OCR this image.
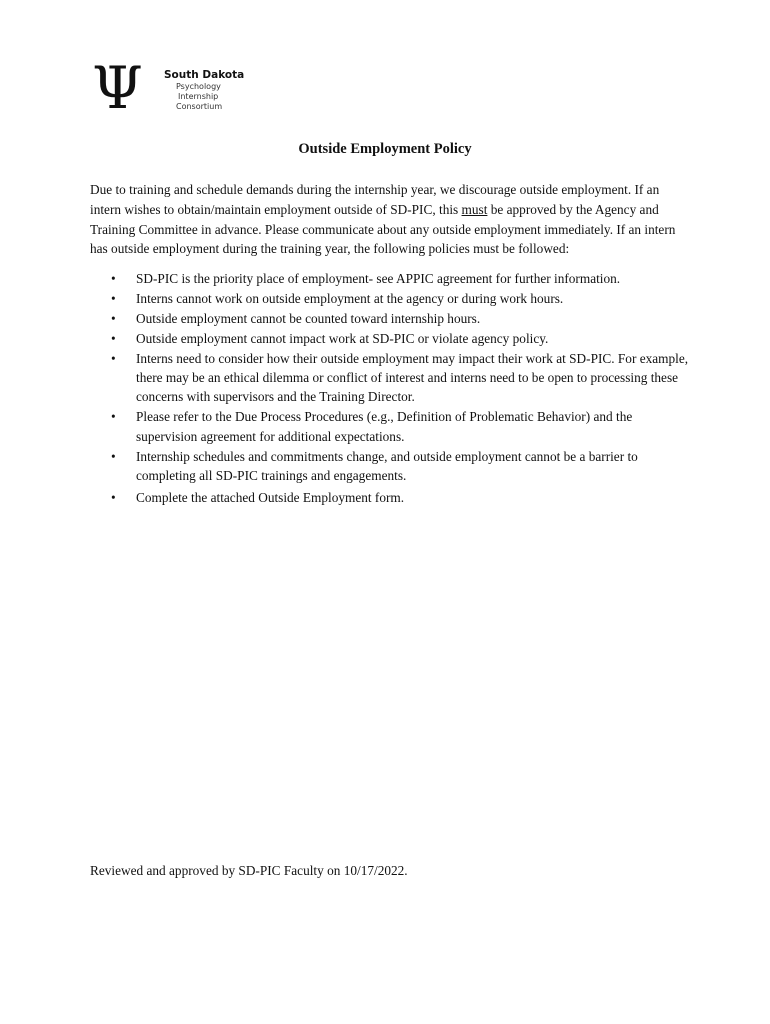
Ψ South Dakota
Psychology
Internship
Consortium
Outside Employment Policy

Due to training and schedule demands during the internship year, we discourage outside employment. If an intern wishes to obtain/maintain employment outside of SD-PIC, this must be approved by the Agency and Training Committee in advance. Please communicate about any outside employment immediately. If an intern has outside employment during the training year, the following policies must be followed:

• SD-PIC is the priority place of employment- see APPIC agreement for further information.
• Interns cannot work on outside employment at the agency or during work hours.
• Outside employment cannot be counted toward internship hours.
• Outside employment cannot impact work at SD-PIC or violate agency policy.
• Interns need to consider how their outside employment may impact their work at SD-PIC. For example, there may be an ethical dilemma or conflict of interest and interns need to be open to processing these concerns with supervisors and the Training Director.
• Please refer to the Due Process Procedures (e.g., Definition of Problematic Behavior) and the supervision agreement for additional expectations.
• Internship schedules and commitments change, and outside employment cannot be a barrier to completing all SD-PIC trainings and engagements.
• Complete the attached Outside Employment form.
Reviewed and approved by SD-PIC Faculty on 10/17/2022.
